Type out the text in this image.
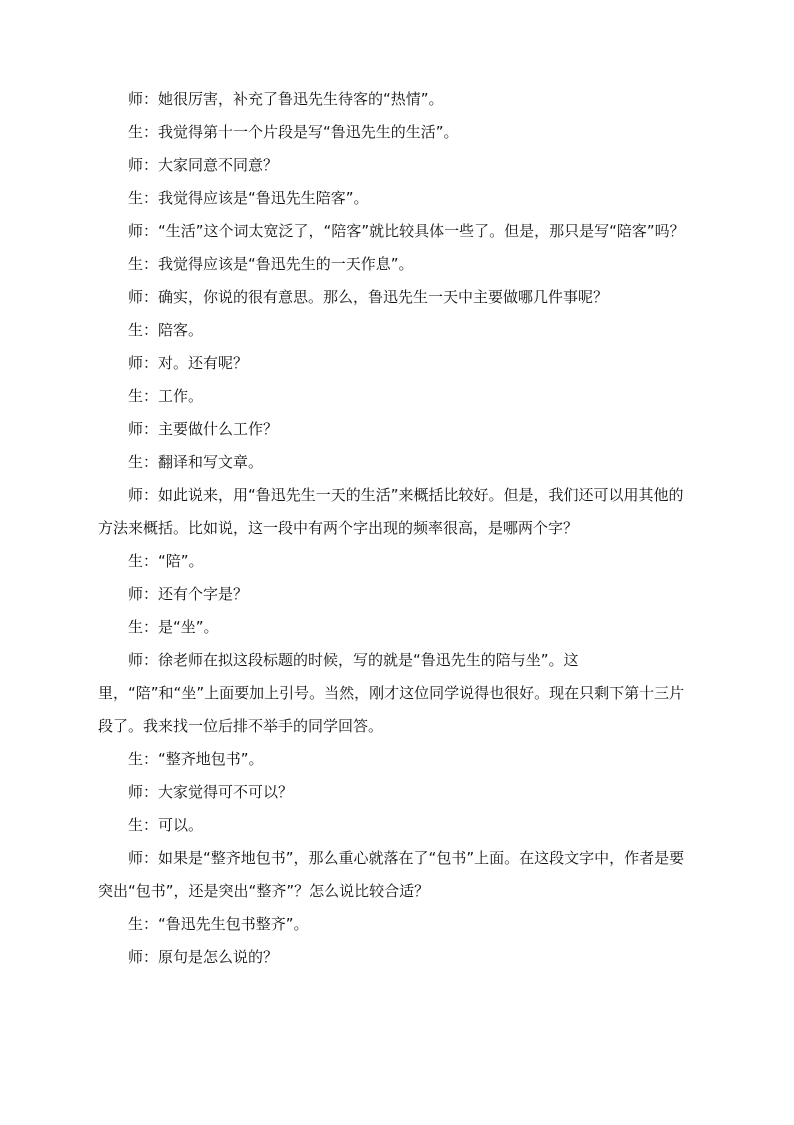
师：她很厉害，补充了鲁迅先生待客的“热情”。

生：我觉得第十一个片段是写“鲁迅先生的生活”。

师：大家同意不同意？

生：我觉得应该是“鲁迅先生陪客”。

师：“生活”这个词太宽泛了，“陪客”就比较具体一些了。但是，那只是写“陪客”吗？

生：我觉得应该是“鲁迅先生的一天作息”。

师：确实，你说的很有意思。那么，鲁迅先生一天中主要做哪几件事呢？

生：陪客。

师：对。还有呢？

生：工作。

师：主要做什么工作？

生：翻译和写文章。

师：如此说来，用“鲁迅先生一天的生活”来概括比较好。但是，我们还可以用其他的方法来概括。比如说，这一段中有两个字出现的频率很高，是哪两个字？

生：“陪”。

师：还有个字是？

生：是“坐”。

师：徐老师在拟这段标题的时候，写的就是“鲁迅先生的陪与坐”。这里，“陪”和“坐”上面要加上引号。当然，刚才这位同学说得也很好。现在只剩下第十三片段了。我来找一位后排不举手的同学回答。

生：“整齐地包书”。

师：大家觉得可不可以？

生：可以。

师：如果是“整齐地包书”，那么重心就落在了“包书”上面。在这段文字中，作者是要突出“包书”，还是突出“整齐”？怎么说比较合适？

生：“鲁迅先生包书整齐”。

师：原句是怎么说的？
